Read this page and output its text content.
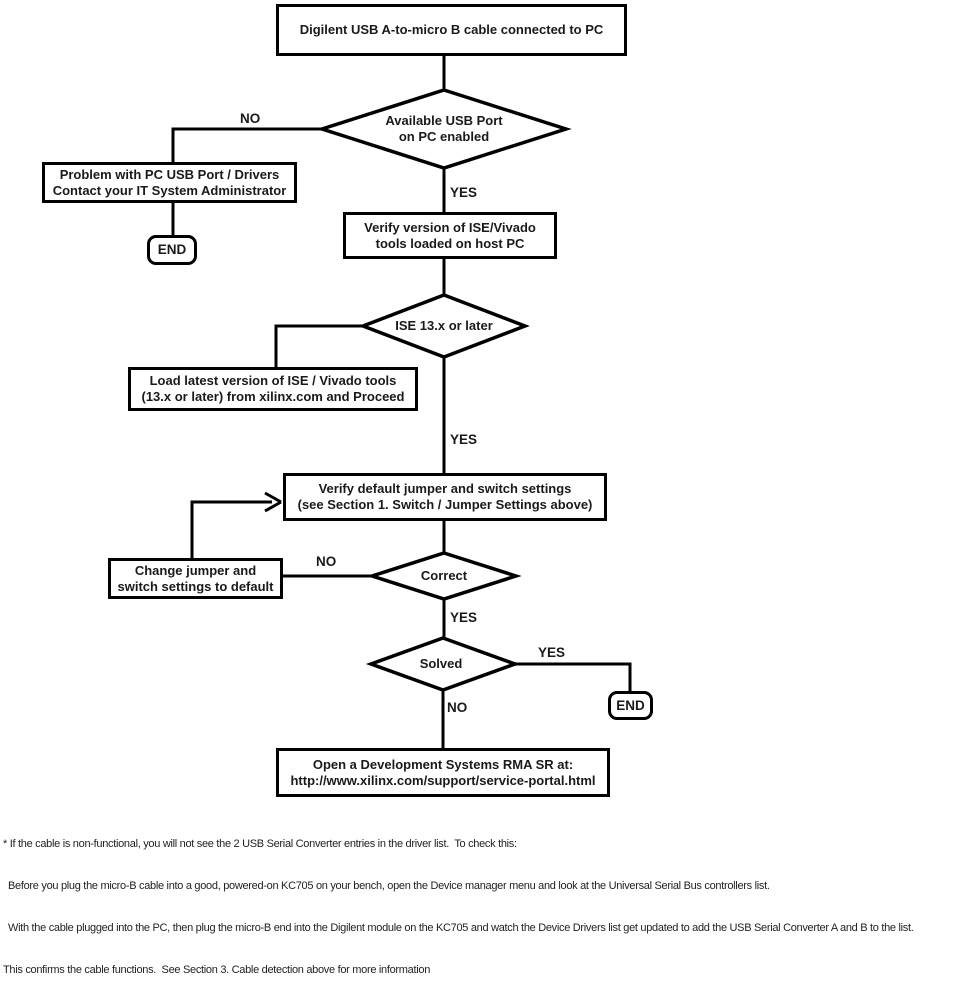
Digilent USB A-to-micro B cable connected to PC
Problem with PC USB Port / Drivers
Contact your IT System Administrator
END
Verify version of ISE/Vivado
tools loaded on host PC
Load latest version of ISE / Vivado tools
(13.x or later) from xilinx.com and Proceed
Verify default jumper and switch settings
(see Section 1. Switch / Jumper Settings above)
Change jumper and
switch settings to default
END
Open a Development Systems RMA SR at:
http://www.xilinx.com/support/service-portal.html
Available USB Port
on PC enabled
ISE 13.x or later
Correct
Solved
NO
YES
YES
NO
YES
YES
NO

* If the cable is non-functional, you will not see the 2 USB Serial Converter entries in the driver list.  To check this:

Before you plug the micro-B cable into a good, powered-on KC705 on your bench, open the Device manager menu and look at the Universal Serial Bus controllers list.

With the cable plugged into the PC, then plug the micro-B end into the Digilent module on the KC705 and watch the Device Drivers list get updated to add the USB Serial Converter A and B to the list.

This confirms the cable functions.  See Section 3. Cable detection above for more information
